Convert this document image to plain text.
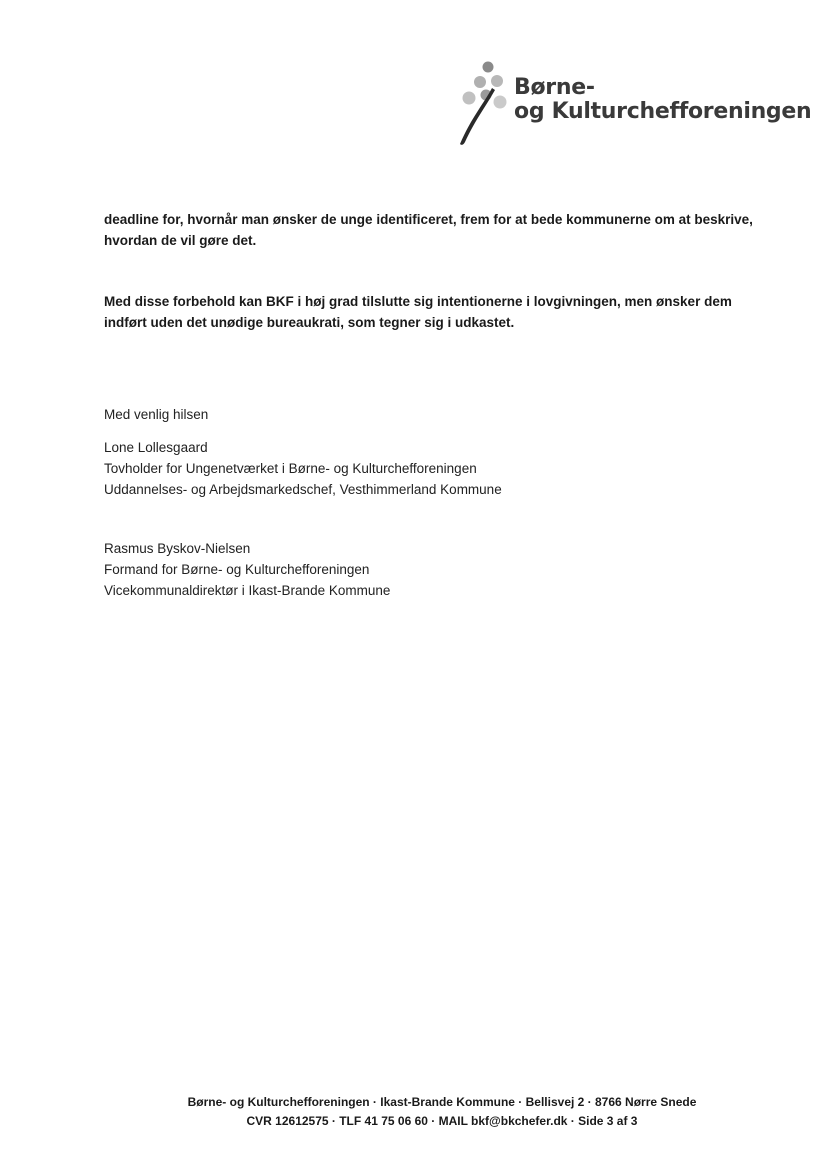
Børne-
og Kulturchefforeningen
deadline for, hvornår man ønsker de unge identificeret, frem for at bede kommunerne om at beskrive, hvordan de vil gøre det.
Med disse forbehold kan BKF i høj grad tilslutte sig intentionerne i lovgivningen, men ønsker dem indført uden det unødige bureaukrati, som tegner sig i udkastet.
Med venlig hilsen
Lone Lollesgaard
Tovholder for Ungenetværket i Børne- og Kulturchefforeningen
Uddannelses- og Arbejdsmarkedschef, Vesthimmerland Kommune
Rasmus Byskov-Nielsen
Formand for Børne- og Kulturchefforeningen
Vicekommunaldirektør i Ikast-Brande Kommune
Børne- og Kulturchefforeningen · Ikast-Brande Kommune · Bellisvej 2 · 8766 Nørre Snede
CVR 12612575 · TLF 41 75 06 60 · MAIL bkf@bkchefer.dk · Side 3 af 3
